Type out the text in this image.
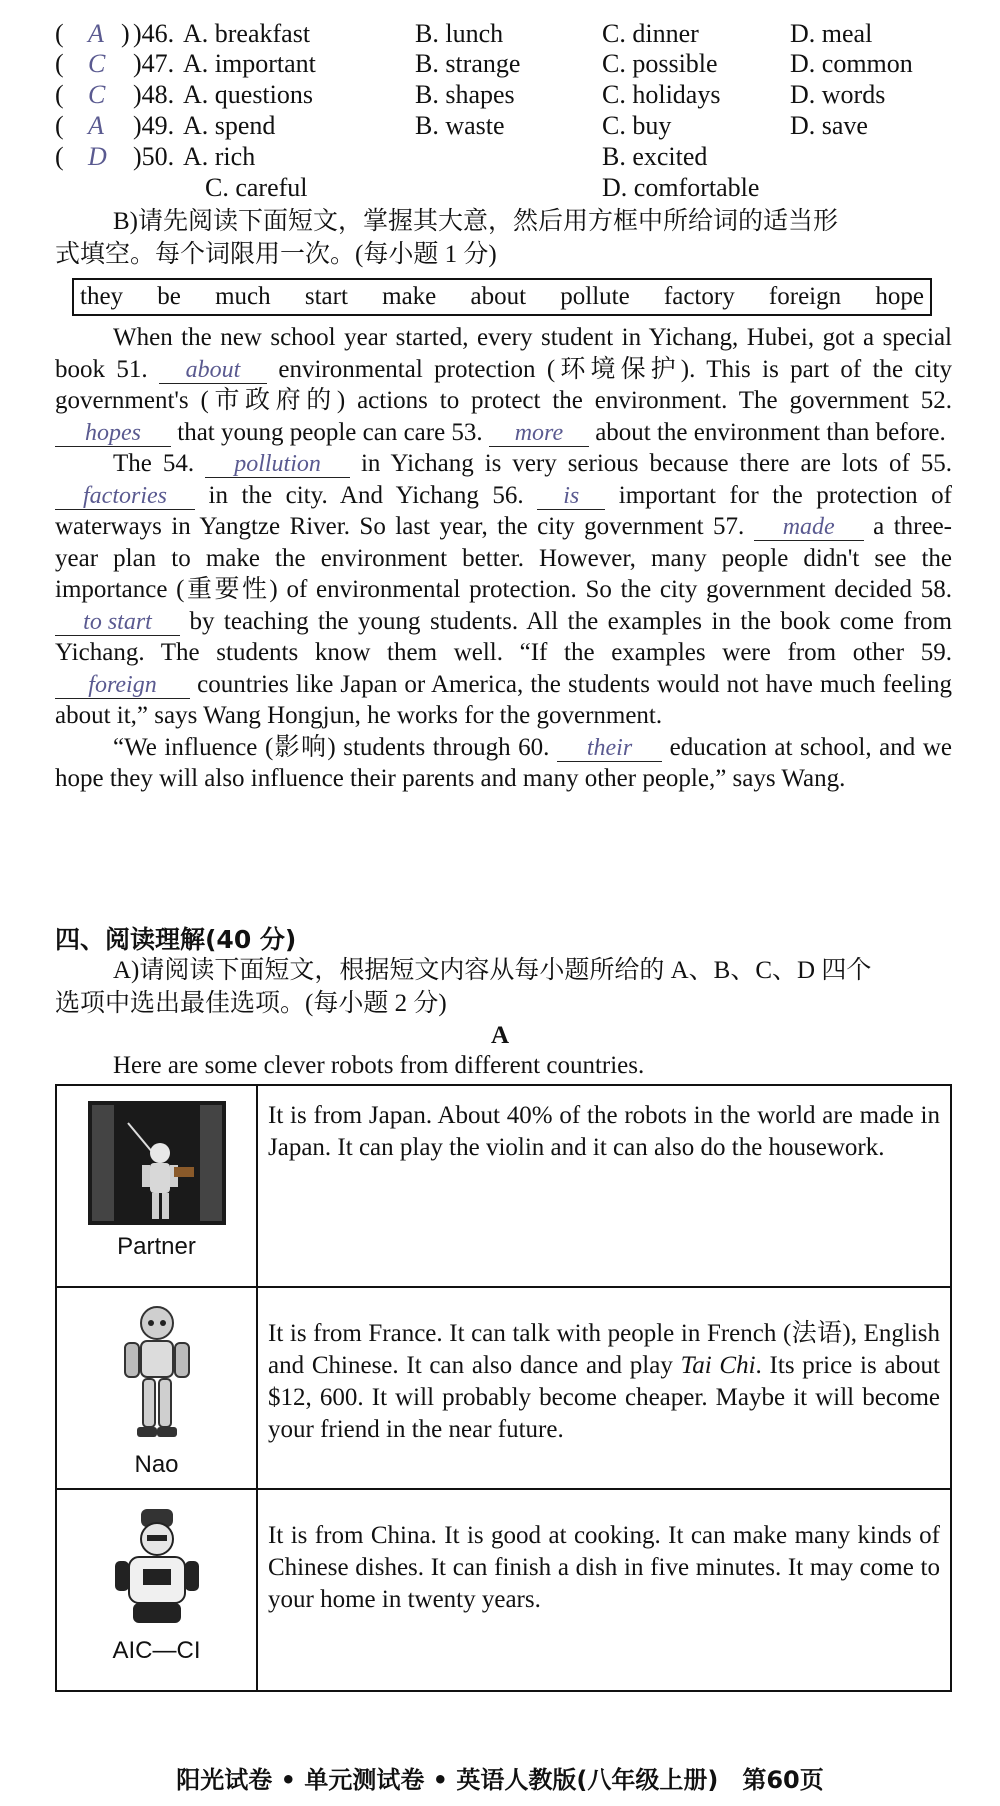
( A )46. A. breakfast	B. lunch	C. dinner	D. meal
( C )47. A. important	B. strange	C. possible	D. common
( C )48. A. questions	B. shapes	C. holidays	D. words
( A )49. A. spend	B. waste	C. buy	D. save
( D )50. A. rich	B. excited
C. careful	D. comfortable
)
B)请先阅读下面短文，掌握其大意，然后用方框中所给词的适当形
式填空。每个词限用一次。(每小题 1 分)
they be much start make about pollute factory foreign hope

When the new school year started, every student in Yichang, Hubei, got a special book 51. about environmental protection (环境保护). This is part of the city government's (市政府的) actions to protect the environment. The government 52. hopes that young people can care 53. more about the environment than before.

The 54. pollution in Yichang is very serious because there are lots of 55. factories in the city. And Yichang 56. is important for the protection of waterways in Yangtze River. So last year, the city government 57. made a three-year plan to make the environment better. However, many people didn't see the importance (重要性) of environmental protection. So the city government decided 58. to start by teaching the young students. All the examples in the book come from Yichang. The students know them well. “If the examples were from other 59. foreign countries like Japan or America, the students would not have much feeling about it,” says Wang Hongjun, he works for the government.

“We influence (影响) students through 60. their education at school, and we hope they will also influence their parents and many other people,” says Wang.

四、阅读理解(40 分)
A)请阅读下面短文，根据短文内容从每小题所给的 A、B、C、D 四个
选项中选出最佳选项。(每小题 2 分)
A
Here are some clever robots from different countries.
Partner	It is from Japan. About 40% of the robots in the world are made in Japan. It can play the violin and it can also do the housework.

Nao	It is from France. It can talk with people in French (法语), English and Chinese. It can also dance and play Tai Chi. Its price is about $12, 600. It will probably become cheaper. Maybe it will become your friend in the near future.

AIC—CI	It is from China. It is good at cooking. It can make many kinds of Chinese dishes. It can finish a dish in five minutes. It may come to your home in twenty years.
阳光试卷 • 单元测试卷 • 英语人教版(八年级上册)　第60页
